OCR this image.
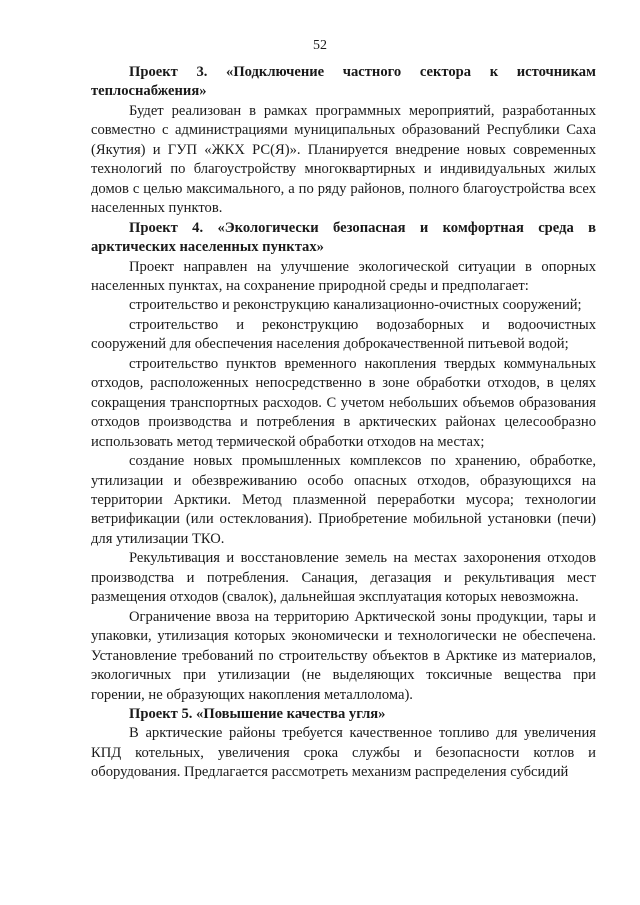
52

Проект 3. «Подключение частного сектора к источникам теплоснабжения»

Будет реализован в рамках программных мероприятий, разработанных совместно с администрациями муниципальных образований Республики Саха (Якутия) и ГУП «ЖКХ РС(Я)». Планируется внедрение новых современных технологий по благоустройству многоквартирных и индивидуальных жилых домов с целью максимального, а по ряду районов, полного благоустройства всех населенных пунктов.

Проект 4. «Экологически безопасная и комфортная среда в арктических населенных пунктах»

Проект направлен на улучшение экологической ситуации в опорных населенных пунктах, на сохранение природной среды и предполагает:

строительство и реконструкцию канализационно-очистных сооружений;

строительство и реконструкцию водозаборных и водоочистных сооружений для обеспечения населения доброкачественной питьевой водой;

строительство пунктов временного накопления твердых коммунальных отходов, расположенных непосредственно в зоне обработки отходов, в целях сокращения транспортных расходов. С учетом небольших объемов образования отходов производства и потребления в арктических районах целесообразно использовать метод термической обработки отходов на местах;

создание новых промышленных комплексов по хранению, обработке, утилизации и обезвреживанию особо опасных отходов, образующихся на территории Арктики. Метод плазменной переработки мусора; технологии ветрификации (или остеклования). Приобретение мобильной установки (печи) для утилизации ТКО.

Рекультивация и восстановление земель на местах захоронения отходов производства и потребления. Санация, дегазация и рекультивация мест размещения отходов (свалок), дальнейшая эксплуатация которых невозможна.

Ограничение ввоза на территорию Арктической зоны продукции, тары и упаковки, утилизация которых экономически и технологически не обеспечена. Установление требований по строительству объектов в Арктике из материалов, экологичных при утилизации (не выделяющих токсичные вещества при горении, не образующих накопления металлолома).

Проект 5. «Повышение качества угля»

В арктические районы требуется качественное топливо для увеличения КПД котельных, увеличения срока службы и безопасности котлов и оборудования. Предлагается рассмотреть механизм распределения субсидий
